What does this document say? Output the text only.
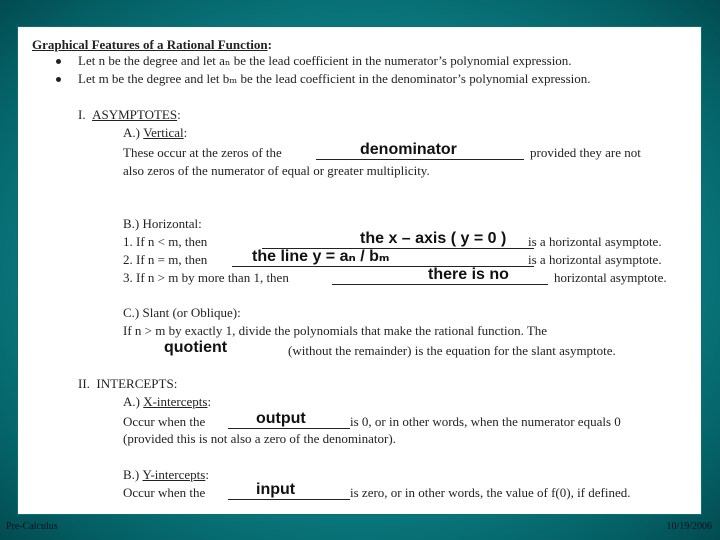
Graphical Features of a Rational Function:
Let n be the degree and let aₙ be the lead coefficient in the numerator’s polynomial expression.
Let m be the degree and let bₘ be the lead coefficient in the denominator’s polynomial expression.
I. ASYMPTOTES:
A.) Vertical:
These occur at the zeros of the	denominator	provided they are not
also zeros of the numerator of equal or greater multiplicity.
B.) Horizontal:
1. If n < m, then	the x – axis ( y = 0 ) is a horizontal asymptote.
2. If n = m, then	the line y = aₙ / bₘ	is a horizontal asymptote.
3. If n > m by more than 1, then	there is no	horizontal asymptote.
C.) Slant (or Oblique):
If n > m by exactly 1, divide the polynomials that make the rational function. The
quotient	(without the remainder) is the equation for the slant asymptote.
II. INTERCEPTS:
A.) X-intercepts:
Occur when the	output	is 0, or in other words, when the numerator equals 0
(provided this is not also a zero of the denominator).
B.) Y-intercepts:
Occur when the	input	is zero, or in other words, the value of f(0), if defined.
Pre-Calculus	10/19/2006
